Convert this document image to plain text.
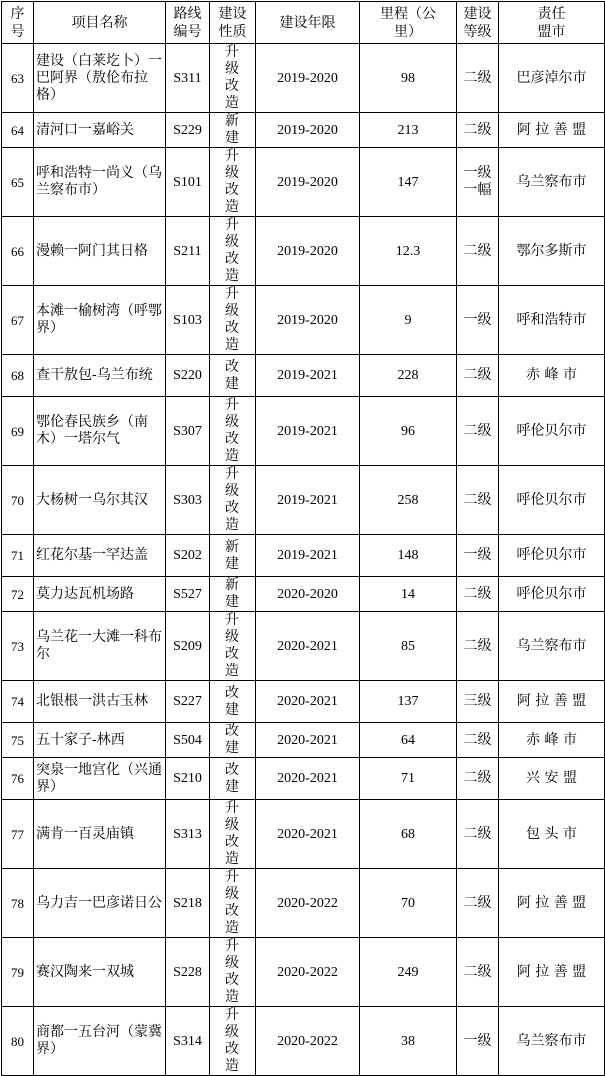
序号	项目名称	路线编号	建设性质	建设年限	里程（公里）	建设等级	责任盟市
63	建设（白莱圪卜）一巴阿界（敖伦布拉格）	S311	升 级 改 造	2019-2020	98	二级	巴彦淖尔市
64	清河口一嘉峪关	S229	新 建	2019-2020	213	二级	阿 拉 善 盟
65	呼和浩特一尚义（乌兰察布市）	S101	升 级 改 造	2019-2020	147	一级一幅	乌兰察布市
66	漫赖一阿门其日格	S211	升 级 改 造	2019-2020	12.3	二级	鄂尔多斯市
67	本滩一榆树湾（呼鄂界）	S103	升 级 改 造	2019-2020	9	一级	呼和浩特市
68	查干敖包-乌兰布统	S220	改 建	2019-2021	228	二级	赤 峰 市
69	鄂伦春民族乡（南木）一塔尔气	S307	升 级 改 造	2019-2021	96	二级	呼伦贝尔市
70	大杨树一乌尔其汉	S303	升 级 改 造	2019-2021	258	二级	呼伦贝尔市
71	红花尔基一罕达盖	S202	新 建	2019-2021	148	一级	呼伦贝尔市
72	莫力达瓦机场路	S527	新 建	2020-2020	14	二级	呼伦贝尔市
73	乌兰花一大滩一科布尔	S209	升 级 改 造	2020-2021	85	二级	乌兰察布市
74	北银根一洪古玉林	S227	改 建	2020-2021	137	三级	阿 拉 善 盟
75	五十家子-林西	S504	改 建	2020-2021	64	二级	赤 峰 市
76	突泉一地宫化（兴通界）	S210	改 建	2020-2021	71	二级	兴 安 盟
77	满肯一百灵庙镇	S313	升 级 改 造	2020-2021	68	二级	包 头 市
78	乌力吉一巴彦诺日公	S218	升 级 改 造	2020-2022	70	二级	阿 拉 善 盟
79	赛汉陶来一双城	S228	升 级 改 造	2020-2022	249	二级	阿 拉 善 盟
80	商都一五台河（蒙冀界）	S314	升 级 改 造	2020-2022	38	一级	乌兰察布市
